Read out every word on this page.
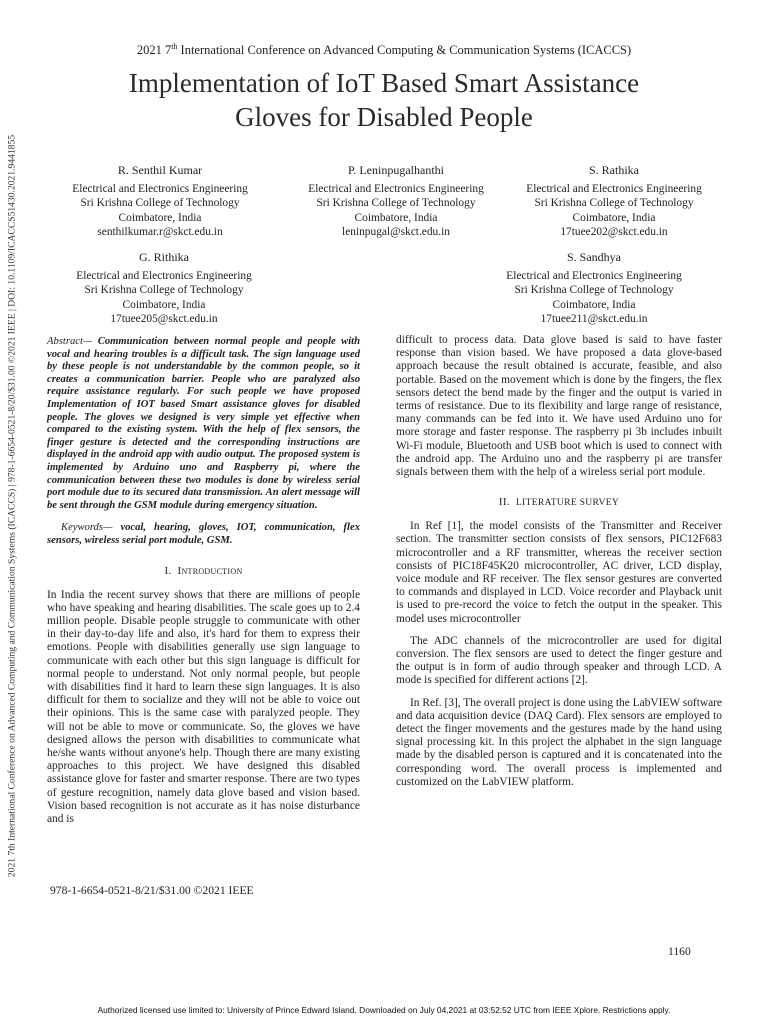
2021 7th International Conference on Advanced Computing & Communication Systems (ICACCS)
Implementation of IoT Based Smart Assistance
Gloves for Disabled People
R. Senthil Kumar
Electrical and Electronics Engineering
Sri Krishna College of Technology
Coimbatore, India
senthilkumar.r@skct.edu.in
P. Leninpugalhanthi
Electrical and Electronics Engineering
Sri Krishna College of Technology
Coimbatore, India
leninpugal@skct.edu.in
S. Rathika
Electrical and Electronics Engineering
Sri Krishna College of Technology
Coimbatore, India
17tuee202@skct.edu.in
G. Rithika
Electrical and Electronics Engineering
Sri Krishna College of Technology
Coimbatore, India
17tuee205@skct.edu.in
S. Sandhya
Electrical and Electronics Engineering
Sri Krishna College of Technology
Coimbatore, India
17tuee211@skct.edu.in
2021 7th International Conference on Advanced Computing and Communication Systems (ICACCS) | 978-1-6654-0521-8/20/$31.00 ©2021 IEEE | DOI: 10.1109/ICACCS51430.2021.9441855	Abstract— Communication between normal people and people with vocal and hearing troubles is a difficult task. The sign language used by these people is not understandable by the common people, so it creates a communication barrier. People who are paralyzed also require assistance regularly. For such people we have proposed Implementation of IOT based Smart assistance gloves for disabled people. The gloves we designed is very simple yet effective when compared to the existing system. With the help of flex sensors, the finger gesture is detected and the corresponding instructions are displayed in the android app with audio output. The proposed system is implemented by Arduino uno and Raspberry pi, where the communication between these two modules is done by wireless serial port module due to its secured data transmission. An alert message will be sent through the GSM module during emergency situation.

Keywords— vocal, hearing, gloves, IOT, communication, flex sensors, wireless serial port module, GSM.

I. Introduction

In India the recent survey shows that there are millions of people who have speaking and hearing disabilities. The scale goes up to 2.4 million people. Disable people struggle to communicate with other in their day-to-day life and also, it's hard for them to express their emotions. People with disabilities generally use sign language to communicate with each other but this sign language is difficult for normal people to understand. Not only normal people, but people with disabilities find it hard to learn these sign languages. It is also difficult for them to socialize and they will not be able to voice out their opinions. This is the same case with paralyzed people. They will not be able to move or communicate. So, the gloves we have designed allows the person with disabilities to communicate what he/she wants without anyone's help. Though there are many existing approaches to this project. We have designed this disabled assistance glove for faster and smarter response. There are two types of gesture recognition, namely data glove based and vision based. Vision based recognition is not accurate as it has noise disturbance and is

difficult to process data. Data glove based is said to have faster response than vision based. We have proposed a data glove-based approach because the result obtained is accurate, feasible, and also portable. Based on the movement which is done by the fingers, the flex sensors detect the bend made by the finger and the output is varied in terms of resistance. Due to its flexibility and large range of resistance, many commands can be fed into it. We have used Arduino uno for more storage and faster response. The raspberry pi 3b includes inbuilt Wi-Fi module, Bluetooth and USB boot which is used to connect with the android app. The Arduino uno and the raspberry pi are transfer signals between them with the help of a wireless serial port module.

II. LITERATURE SURVEY

In Ref [1], the model consists of the Transmitter and Receiver section. The transmitter section consists of flex sensors, PIC12F683 microcontroller and a RF transmitter, whereas the receiver section consists of PIC18F45K20 microcontroller, AC driver, LCD display, voice module and RF receiver. The flex sensor gestures are converted to commands and displayed in LCD. Voice recorder and Playback unit is used to pre-record the voice to fetch the output in the speaker. This model uses microcontroller

The ADC channels of the microcontroller are used for digital conversion. The flex sensors are used to detect the finger gesture and the output is in form of audio through speaker and through LCD. A mode is specified for different actions [2].

In Ref. [3], The overall project is done using the LabVIEW software and data acquisition device (DAQ Card). Flex sensors are employed to detect the finger movements and the gestures made by the hand using signal processing kit. In this project the alphabet in the sign language made by the disabled person is captured and it is concatenated into the corresponding word. The overall process is implemented and customized on the LabVIEW platform.

978-1-6654-0521-8/21/$31.00 ©2021 IEEE
1160
Authorized licensed use limited to: University of Prince Edward Island. Downloaded on July 04,2021 at 03:52:52 UTC from IEEE Xplore. Restrictions apply.
